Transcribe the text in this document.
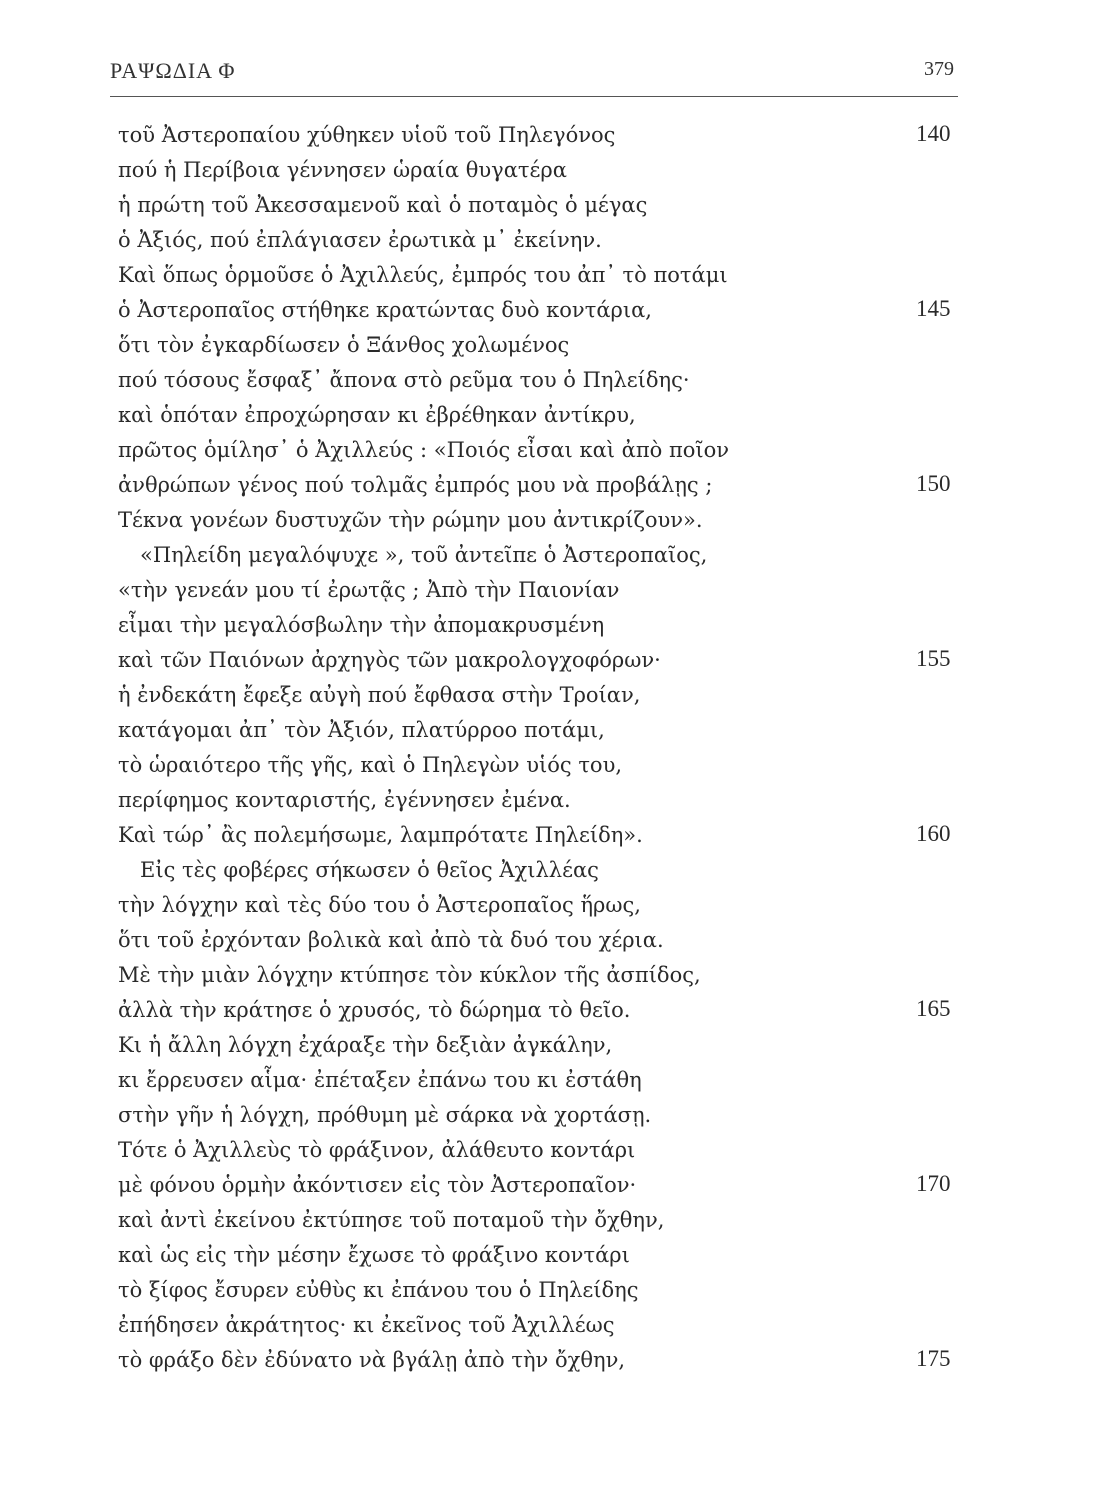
ΡΑΨΩΔΙΑ Φ	379
τοῦ Ἀστεροπαίου χύθηκεν υἱοῦ τοῦ Πηλεγόνος	140
πού ἡ Περίβοια γέννησεν ὡραία θυγατέρα
ἡ πρώτη τοῦ Ἀκεσσαμενοῦ καὶ ὁ ποταμὸς ὁ μέγας
ὁ Ἀξιός, πού ἐπλάγιασεν ἐρωτικὰ μ᾽ ἐκείνην.
Καὶ ὅπως ὁρμοῦσε ὁ Ἀχιλλεύς, ἐμπρός του ἀπ᾽ τὸ ποτάμι
ὁ Ἀστεροπαῖος στήθηκε κρατώντας δυὸ κοντάρια,	145
ὅτι τὸν ἐγκαρδίωσεν ὁ Ξάνθος χολωμένος
πού τόσους ἔσφαξ᾽ ἄπονα στὸ ρεῦμα του ὁ Πηλείδης·
καὶ ὁπόταν ἐπροχώρησαν κι ἐβρέθηκαν ἀντίκρυ,
πρῶτος ὁμίλησ᾽ ὁ Ἀχιλλεύς : «Ποιός εἶσαι καὶ ἀπὸ ποῖον
ἀνθρώπων γένος πού τολμᾶς ἐμπρός μου νὰ προβάλῃς ;	150
Τέκνα γονέων δυστυχῶν τὴν ρώμην μου ἀντικρίζουν».
«Πηλείδη μεγαλόψυχε », τοῦ ἀντεῖπε ὁ Ἀστεροπαῖος,
«τὴν γενεάν μου τί ἐρωτᾷς ; Ἀπὸ τὴν Παιονίαν
εἶμαι τὴν μεγαλόσβωλην τὴν ἀπομακρυσμένη
καὶ τῶν Παιόνων ἀρχηγὸς τῶν μακρολογχοφόρων·	155
ἡ ἐνδεκάτη ἔφεξε αὐγὴ πού ἔφθασα στὴν Τροίαν,
κατάγομαι ἀπ᾽ τὸν Ἀξιόν, πλατύρροο ποτάμι,
τὸ ὡραιότερο τῆς γῆς, καὶ ὁ Πηλεγὼν υἱός του,
περίφημος κονταριστής, ἐγέννησεν ἐμένα.
Καὶ τώρ᾽ ἂς πολεμήσωμε, λαμπρότατε Πηλείδη».	160
Εἰς τὲς φοβέρες σήκωσεν ὁ θεῖος Ἀχιλλέας
τὴν λόγχην καὶ τὲς δύο του ὁ Ἀστεροπαῖος ἥρως,
ὅτι τοῦ ἐρχόνταν βολικὰ καὶ ἀπὸ τὰ δυό του χέρια.
Μὲ τὴν μιὰν λόγχην κτύπησε τὸν κύκλον τῆς ἀσπίδος,
ἀλλὰ τὴν κράτησε ὁ χρυσός, τὸ δώρημα τὸ θεῖο.	165
Κι ἡ ἄλλη λόγχη ἐχάραξε τὴν δεξιὰν ἀγκάλην,
κι ἔρρευσεν αἷμα· ἐπέταξεν ἐπάνω του κι ἐστάθη
στὴν γῆν ἡ λόγχη, πρόθυμη μὲ σάρκα νὰ χορτάσῃ.
Τότε ὁ Ἀχιλλεὺς τὸ φράξινον, ἀλάθευτο κοντάρι
μὲ φόνου ὁρμὴν ἀκόντισεν εἰς τὸν Ἀστεροπαῖον·	170
καὶ ἀντὶ ἐκείνου ἐκτύπησε τοῦ ποταμοῦ τὴν ὄχθην,
καὶ ὡς εἰς τὴν μέσην ἔχωσε τὸ φράξινο κοντάρι
τὸ ξίφος ἔσυρεν εὐθὺς κι ἐπάνου του ὁ Πηλείδης
ἐπήδησεν ἀκράτητος· κι ἐκεῖνος τοῦ Ἀχιλλέως
τὸ φράξο δὲν ἐδύνατο νὰ βγάλῃ ἀπὸ τὴν ὄχθην,	175
